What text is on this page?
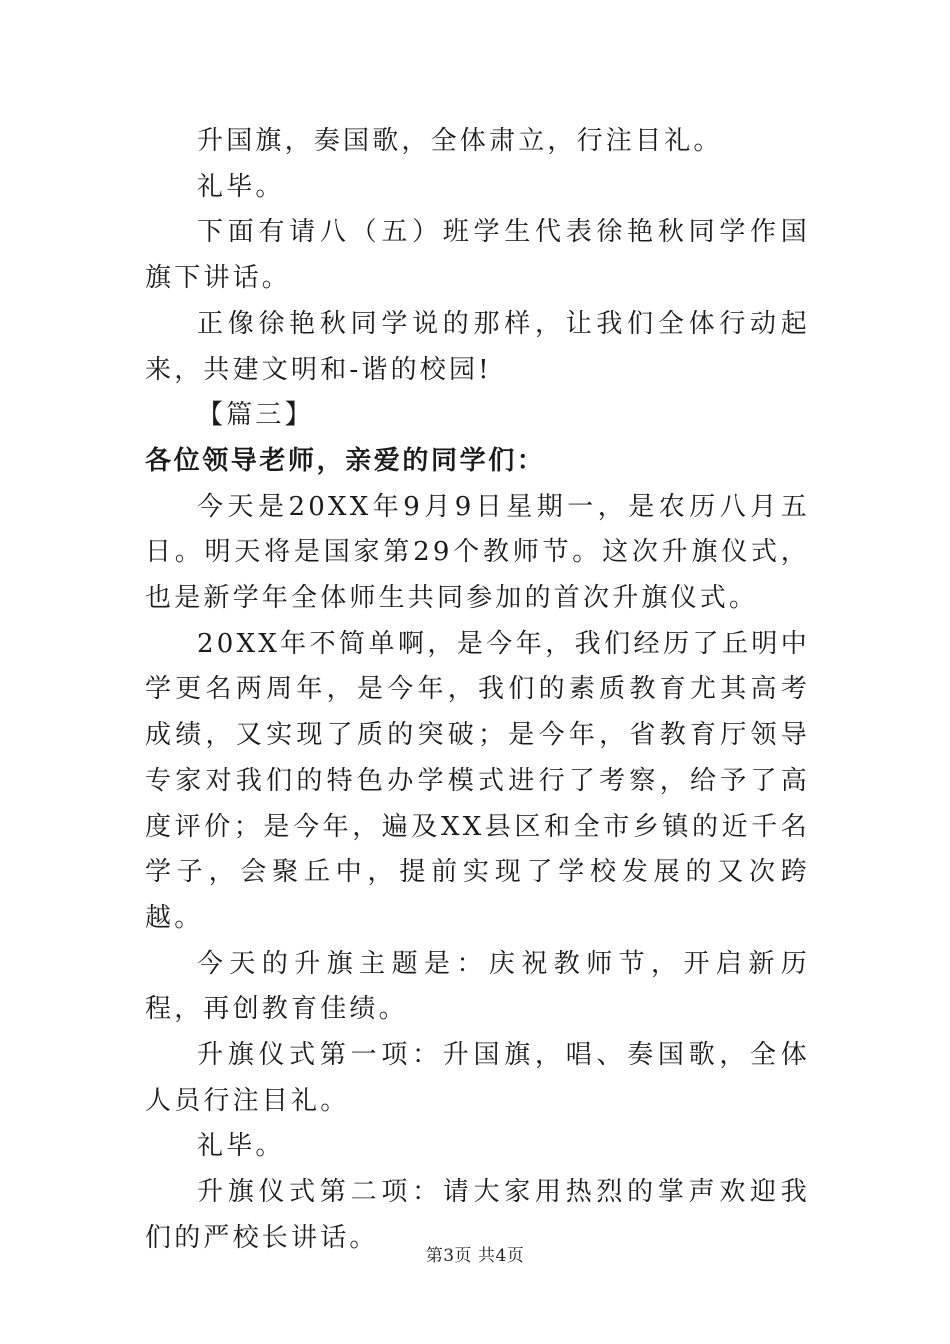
升国旗，奏国歌，全体肃立，行注目礼。

礼毕。

下面有请八（五）班学生代表徐艳秋同学作国旗下讲话。

正像徐艳秋同学说的那样，让我们全体行动起来，共建文明和-谐的校园!

【篇三】

各位领导老师，亲爱的同学们：

今天是20XX年9月9日星期一，是农历八月五日。明天将是国家第29个教师节。这次升旗仪式，也是新学年全体师生共同参加的首次升旗仪式。

20XX年不简单啊，是今年，我们经历了丘明中学更名两周年，是今年，我们的素质教育尤其高考成绩，又实现了质的突破；是今年，省教育厅领导专家对我们的特色办学模式进行了考察，给予了高度评价；是今年，遍及XX县区和全市乡镇的近千名学子，会聚丘中，提前实现了学校发展的又次跨越。

今天的升旗主题是：庆祝教师节，开启新历程，再创教育佳绩。

升旗仪式第一项：升国旗，唱、奏国歌，全体人员行注目礼。

礼毕。

升旗仪式第二项：请大家用热烈的掌声欢迎我们的严校长讲话。

第3页 共4页
